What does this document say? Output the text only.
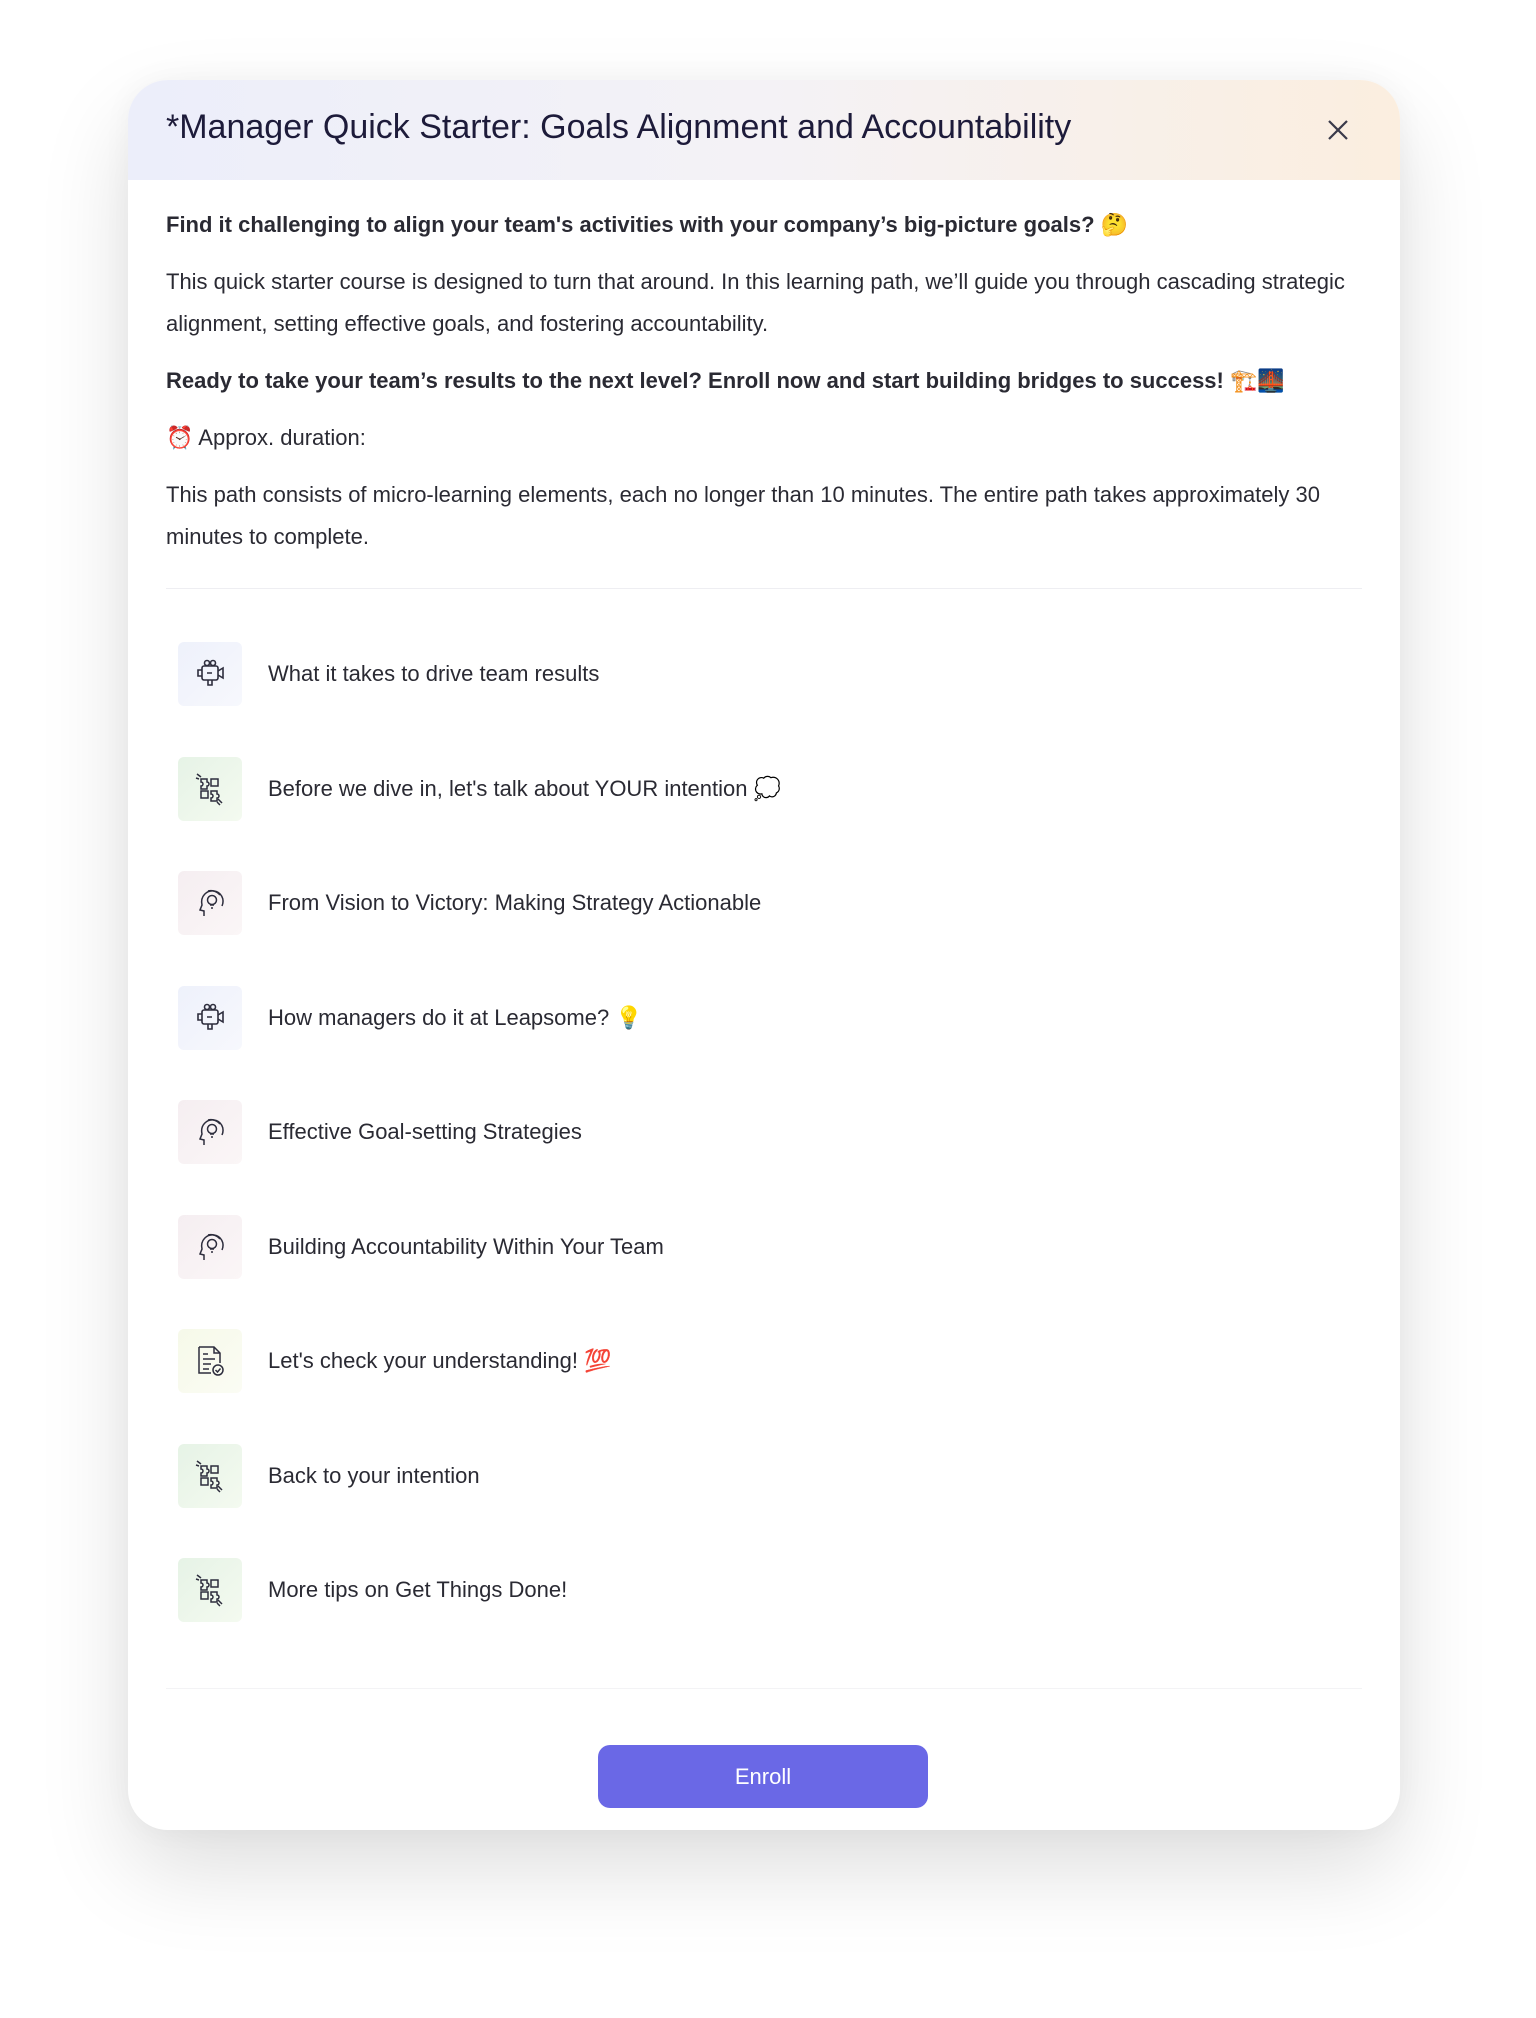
*Manager Quick Starter: Goals Alignment and Accountability

Find it challenging to align your team's activities with your company’s big-picture goals? 🤔

This quick starter course is designed to turn that around. In this learning path, we’ll guide you through cascading strategic alignment, setting effective goals, and fostering accountability.

Ready to take your team’s results to the next level? Enroll now and start building bridges to success! 🏗️🌉

⏰ Approx. duration:

This path consists of micro-learning elements, each no longer than 10 minutes. The entire path takes approximately 30 minutes to complete.

What it takes to drive team results
Before we dive in, let's talk about YOUR intention 💭
From Vision to Victory: Making Strategy Actionable
How managers do it at Leapsome? 💡
Effective Goal-setting Strategies
Building Accountability Within Your Team
Let's check your understanding! 💯
Back to your intention
More tips on Get Things Done!
Enroll
